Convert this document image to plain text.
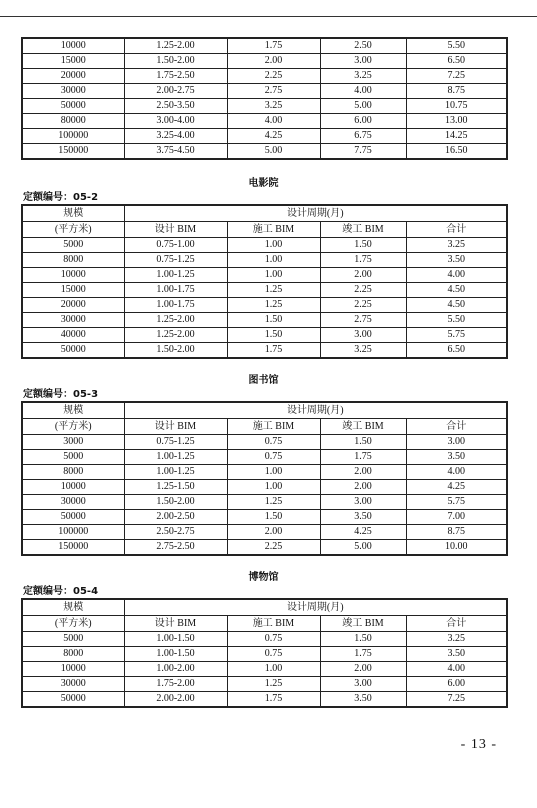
10000	1.25-2.00	1.75	2.50	5.50
15000	1.50-2.00	2.00	3.00	6.50
20000	1.75-2.50	2.25	3.25	7.25
30000	2.00-2.75	2.75	4.00	8.75
50000	2.50-3.50	3.25	5.00	10.75
80000	3.00-4.00	4.00	6.00	13.00
100000	3.25-4.00	4.25	6.75	14.25
150000	3.75-4.50	5.00	7.75	16.50
电影院
定额编号：05-2
规模	设计周期(月)			
(平方米)	设计 BIM	施工 BIM	竣工 BIM	合计
5000	0.75-1.00	1.00	1.50	3.25
8000	0.75-1.25	1.00	1.75	3.50
10000	1.00-1.25	1.00	2.00	4.00
15000	1.00-1.75	1.25	2.25	4.50
20000	1.00-1.75	1.25	2.25	4.50
30000	1.25-2.00	1.50	2.75	5.50
40000	1.25-2.00	1.50	3.00	5.75
50000	1.50-2.00	1.75	3.25	6.50
图书馆
定额编号：05-3
规模	设计周期(月)			
(平方米)	设计 BIM	施工 BIM	竣工 BIM	合计
3000	0.75-1.25	0.75	1.50	3.00
5000	1.00-1.25	0.75	1.75	3.50
8000	1.00-1.25	1.00	2.00	4.00
10000	1.25-1.50	1.00	2.00	4.25
30000	1.50-2.00	1.25	3.00	5.75
50000	2.00-2.50	1.50	3.50	7.00
100000	2.50-2.75	2.00	4.25	8.75
150000	2.75-2.50	2.25	5.00	10.00
博物馆
定额编号：05-4
规模	设计周期(月)			
(平方米)	设计 BIM	施工 BIM	竣工 BIM	合计
5000	1.00-1.50	0.75	1.50	3.25
8000	1.00-1.50	0.75	1.75	3.50
10000	1.00-2.00	1.00	2.00	4.00
30000	1.75-2.00	1.25	3.00	6.00
50000	2.00-2.00	1.75	3.50	7.25
- 13 -
